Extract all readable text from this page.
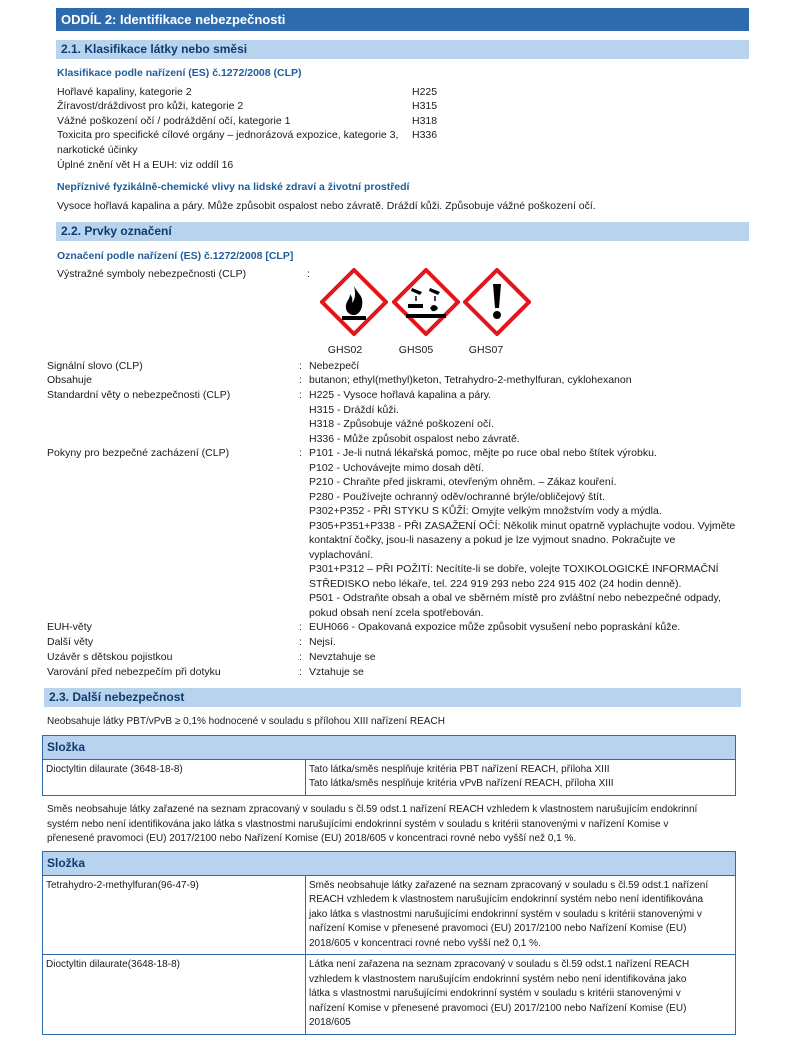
ODDÍL 2: Identifikace nebezpečnosti
2.1. Klasifikace látky nebo směsi
Klasifikace podle nařízení (ES) č.1272/2008 (CLP)
Hořlavé kapaliny, kategorie 2	H225
Žíravost/dráždivost pro kůži, kategorie 2	H315
Vážné poškození očí / podráždění očí, kategorie 1	H318
Toxicita pro specifické cílové orgány – jednorázová expozice, kategorie 3, H336
narkotické účinky
Úplné znění vět H a EUH: viz oddíl 16
Nepříznivé fyzikálně-chemické vlivy na lidské zdraví a životní prostředí
Vysoce hořlavá kapalina a páry. Může způsobit ospalost nebo závratě. Dráždí kůži. Způsobuje vážné poškození očí.
2.2. Prvky označení
Označení podle nařízení (ES) č.1272/2008 [CLP]
Výstražné symboly nebezpečnosti (CLP)	:
GHS02	GHS05	GHS07
Signální slovo (CLP)	: Nebezpečí
Obsahuje	: butanon; ethyl(methyl)keton, Tetrahydro-2-methylfuran, cyklohexanon
Standardní věty o nebezpečnosti (CLP)	: H225 - Vysoce hořlavá kapalina a páry.
H315 - Dráždí kůži.
H318 - Způsobuje vážné poškození očí.
H336 - Může způsobit ospalost nebo závratě.
Pokyny pro bezpečné zacházení (CLP)	: P101 - Je-li nutná lékařská pomoc, mějte po ruce obal nebo štítek výrobku.
P102 - Uchovávejte mimo dosah dětí.
P210 - Chraňte před jiskrami, otevřeným ohněm. – Zákaz kouření.
P280 - Používejte ochranný oděv/ochranné brýle/obličejový štít.
P302+P352 - PŘI STYKU S KŮŽÍ: Omyjte velkým množstvím vody a mýdla.
P305+P351+P338 - PŘI ZASAŽENÍ OČÍ: Několik minut opatrně vyplachujte vodou. Vyjměte
kontaktní čočky, jsou-li nasazeny a pokud je lze vyjmout snadno. Pokračujte ve
vyplachování.
P301+P312 – PŘI POŽITÍ: Necítíte-li se dobře, volejte TOXIKOLOGICKÉ INFORMAČNÍ
STŘEDISKO nebo lékaře, tel. 224 919 293 nebo 224 915 402 (24 hodin denně).
P501 - Odstraňte obsah a obal ve sběrném místě pro zvláštní nebo nebezpečné odpady,
pokud obsah není zcela spotřebován.
EUH-věty	: EUH066 - Opakovaná expozice může způsobit vysušení nebo popraskání kůže.
Další věty	: Nejsí.
Uzávěr s dětskou pojistkou	: Nevztahuje se
Varování před nebezpečím při dotyku	: Vztahuje se
2.3. Další nebezpečnost
Neobsahuje látky PBT/vPvB ≥ 0,1% hodnocené v souladu s přílohou XIII nařízení REACH
Složka
Dioctyltin dilaurate (3648-18-8)	Tato látka/směs nesplňuje kritéria PBT nařízení REACH, příloha XIII
Tato látka/směs nesplňuje kritéria vPvB nařízení REACH, příloha XIII
Směs neobsahuje látky zařazené na seznam zpracovaný v souladu s čl.59 odst.1 nařízení REACH vzhledem k vlastnostem narušujícím endokrinní
systém nebo není identifikována jako látka s vlastnostmi narušujícími endokrinní systém v souladu s kritérii stanovenými v nařízení Komise v
přenesené pravomoci (EU) 2017/2100 nebo Nařízení Komise (EU) 2018/605 v koncentraci rovné nebo vyšší než 0,1 %.
Složka	
Tetrahydro-2-methylfuran(96-47-9)	Směs neobsahuje látky zařazené na seznam zpracovaný v souladu s čl.59 odst.1 nařízení
REACH vzhledem k vlastnostem narušujícím endokrinní systém nebo není identifikována
jako látka s vlastnostmi narušujícími endokrinní systém v souladu s kritérii stanovenými v
nařízení Komise v přenesené pravomoci (EU) 2017/2100 nebo Nařízení Komise (EU)
2018/605 v koncentraci rovné nebo vyšší než 0,1 %.

Dioctyltin dilaurate(3648-18-8)	Látka není zařazena na seznam zpracovaný v souladu s čl.59 odst.1 nařízení REACH
vzhledem k vlastnostem narušujícím endokrinní systém nebo není identifikována jako
látka s vlastnostmi narušujícími endokrinní systém v souladu s kritérii stanovenými v
nařízení Komise v přenesené pravomoci (EU) 2017/2100 nebo Nařízení Komise (EU)
2018/605
